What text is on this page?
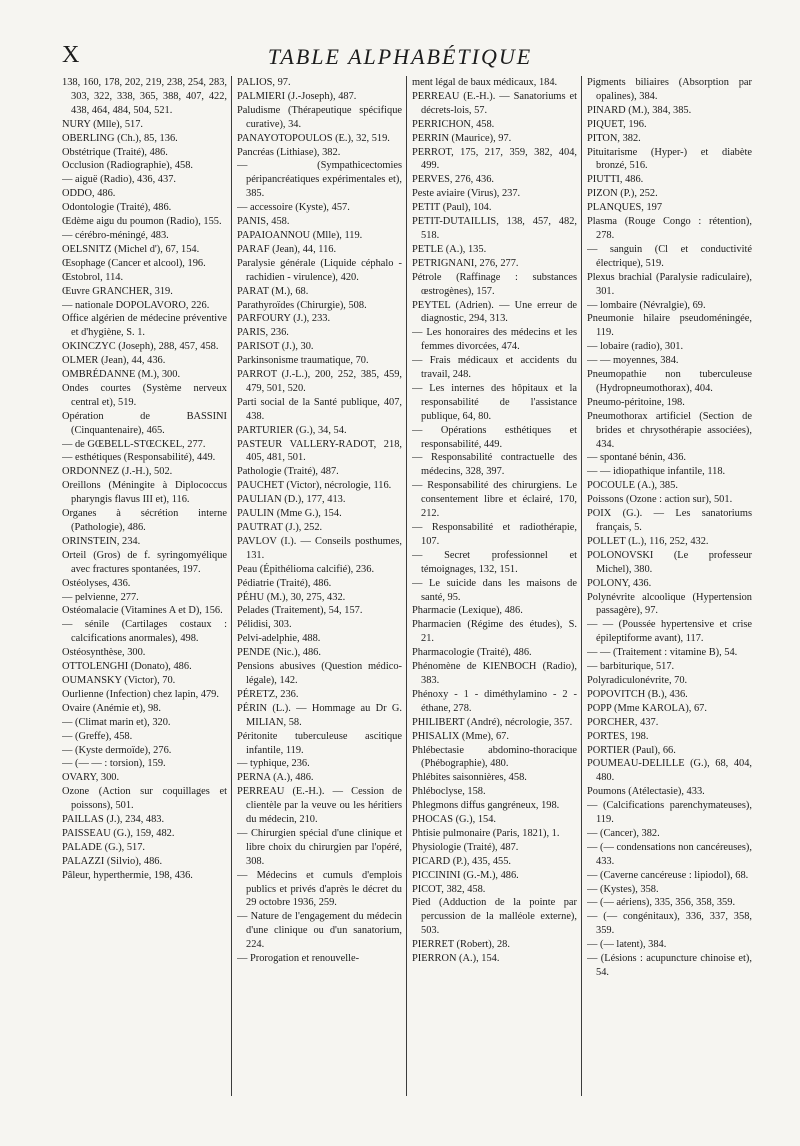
X	TABLE ALPHABÉTIQUE
138, 160, 178, 202, 219, 238, 254, 283, 303, 322, 338, 365, 388, 407, 422, 438, 464, 484, 504, 521.
NURY (Mlle), 517.
OBERLING (Ch.), 85, 136.
Obstétrique (Traité), 486.
Occlusion (Radiographie), 458.
— aiguë (Radio), 436, 437.
ODDO, 486.
Odontologie (Traité), 486.
Œdème aigu du poumon (Radio), 155.
— cérébro-méningé, 483.
OELSNITZ (Michel d'), 67, 154.
Œsophage (Cancer et alcool), 196.
Œstobrol, 114.
Œuvre GRANCHER, 319.
— nationale DOPOLAVORO, 226.
Office algérien de médecine préventive et d'hygiène, S. 1.
OKINCZYC (Joseph), 288, 457, 458.
OLMER (Jean), 44, 436.
OMBRÉDANNE (M.), 300.
Ondes courtes (Système nerveux central et), 519.
Opération de BASSINI (Cinquantenaire), 465.
— de GŒBELL-STŒCKEL, 277.
— esthétiques (Responsabilité), 449.
ORDONNEZ (J.-H.), 502.
Oreillons (Méningite à Diplococcus pharyngis flavus III et), 116.
Organes à sécrétion interne (Pathologie), 486.
ORINSTEIN, 234.
Orteil (Gros) de f. syringomyélique avec fractures spontanées, 197.
Ostéolyses, 436.
— pelvienne, 277.
Ostéomalacie (Vitamines A et D), 156.
— sénile (Cartilages costaux : calcifications anormales), 498.
Ostéosynthèse, 300.
OTTOLENGHI (Donato), 486.
OUMANSKY (Victor), 70.
Ourlienne (Infection) chez lapin, 479.
Ovaire (Anémie et), 98.
— (Climat marin et), 320.
— (Greffe), 458.
— (Kyste dermoïde), 276.
— (— — : torsion), 159.
OVARY, 300.
Ozone (Action sur coquillages et poissons), 501.
PAILLAS (J.), 234, 483.
PAISSEAU (G.), 159, 482.
PALADE (G.), 517.
PALAZZI (Silvio), 486.
Pâleur, hyperthermie, 198, 436.
PALIOS, 97.
PALMIERI (J.-Joseph), 487.
Paludisme (Thérapeutique spécifique curative), 34.
PANAYOTOPOULOS (E.), 32, 519.
Pancréas (Lithiase), 382.
— (Sympathicectomies péripancréatiques expérimentales et), 385.
— accessoire (Kyste), 457.
PANIS, 458.
PAPAIOANNOU (Mlle), 119.
PARAF (Jean), 44, 116.
Paralysie générale (Liquide céphalo - rachidien - virulence), 420.
PARAT (M.), 68.
Parathyroïdes (Chirurgie), 508.
PARFOURY (J.), 233.
PARIS, 236.
PARISOT (J.), 30.
Parkinsonisme traumatique, 70.
PARROT (J.-L.), 200, 252, 385, 459, 479, 501, 520.
Parti social de la Santé publique, 407, 438.
PARTURIER (G.), 34, 54.
PASTEUR VALLERY-RADOT, 218, 405, 481, 501.
Pathologie (Traité), 487.
PAUCHET (Victor), nécrologie, 116.
PAULIAN (D.), 177, 413.
PAULIN (Mme G.), 154.
PAUTRAT (J.), 252.
PAVLOV (I.). — Conseils posthumes, 131.
Peau (Épithélioma calcifié), 236.
Pédiatrie (Traité), 486.
PÉHU (M.), 30, 275, 432.
Pelades (Traitement), 54, 157.
Pélidisi, 303.
Pelvi-adelphie, 488.
PENDE (Nic.), 486.
Pensions abusives (Question médico-légale), 142.
PÉRETZ, 236.
PÉRIN (L.). — Hommage au Dr G. MILIAN, 58.
Péritonite tuberculeuse ascitique infantile, 119.
— typhique, 236.
PERNA (A.), 486.
PERREAU (E.-H.). — Cession de clientèle par la veuve ou les héritiers du médecin, 210.
— Chirurgien spécial d'une clinique et libre choix du chirurgien par l'opéré, 308.
— Médecins et cumuls d'emplois publics et privés d'après le décret du 29 octobre 1936, 259.
— Nature de l'engagement du médecin d'une clinique ou d'un sanatorium, 224.
— Prorogation et renouvelle-
ment légal de baux médicaux, 184.
PERREAU (E.-H.). — Sanatoriums et décrets-lois, 57.
PERRICHON, 458.
PERRIN (Maurice), 97.
PERROT, 175, 217, 359, 382, 404, 499.
PERVES, 276, 436.
Peste aviaire (Virus), 237.
PETIT (Paul), 104.
PETIT-DUTAILLIS, 138, 457, 482, 518.
PETLE (A.), 135.
PETRIGNANI, 276, 277.
Pétrole (Raffinage : substances œstrogènes), 157.
PEYTEL (Adrien). — Une erreur de diagnostic, 294, 313.
— Les honoraires des médecins et les femmes divorcées, 474.
— Frais médicaux et accidents du travail, 248.
— Les internes des hôpitaux et la responsabilité de l'assistance publique, 64, 80.
— Opérations esthétiques et responsabilité, 449.
— Responsabilité contractuelle des médecins, 328, 397.
— Responsabilité des chirurgiens. Le consentement libre et éclairé, 170, 212.
— Responsabilité et radiothérapie, 107.
— Secret professionnel et témoignages, 132, 151.
— Le suicide dans les maisons de santé, 95.
Pharmacie (Lexique), 486.
Pharmacien (Régime des études), S. 21.
Pharmacologie (Traité), 486.
Phénomène de KIENBOCH (Radio), 383.
Phénoxy - 1 - diméthylamino - 2 - éthane, 278.
PHILIBERT (André), nécrologie, 357.
PHISALIX (Mme), 67.
Phlébectasie abdomino-thoracique (Phébographie), 480.
Phlébites saisonnières, 458.
Phléboclyse, 158.
Phlegmons diffus gangréneux, 198.
PHOCAS (G.), 154.
Phtisie pulmonaire (Paris, 1821), 1.
Physiologie (Traité), 487.
PICARD (P.), 435, 455.
PICCININI (G.-M.), 486.
PICOT, 382, 458.
Pied (Adduction de la pointe par percussion de la malléole externe), 503.
PIERRET (Robert), 28.
PIERRON (A.), 154.
Pigments biliaires (Absorption par opalines), 384.
PINARD (M.), 384, 385.
PIQUET, 196.
PITON, 382.
Pituitarisme (Hyper-) et diabète bronzé, 516.
PIUTTI, 486.
PIZON (P.), 252.
PLANQUES, 197
Plasma (Rouge Congo : rétention), 278.
— sanguin (Cl et conductivité électrique), 519.
Plexus brachial (Paralysie radiculaire), 301.
— lombaire (Névralgie), 69.
Pneumonie hilaire pseudoméningée, 119.
— lobaire (radio), 301.
— — moyennes, 384.
Pneumopathie non tuberculeuse (Hydropneumothorax), 404.
Pneumo-péritoine, 198.
Pneumothorax artificiel (Section de brides et chrysothérapie associées), 434.
— spontané bénin, 436.
— — idiopathique infantile, 118.
POCOULE (A.), 385.
Poissons (Ozone : action sur), 501.
POIX (G.). — Les sanatoriums français, 5.
POLLET (L.), 116, 252, 432.
POLONOVSKI (Le professeur Michel), 380.
POLONY, 436.
Polynévrite alcoolique (Hypertension passagère), 97.
— — (Poussée hypertensive et crise épileptiforme avant), 117.
— — (Traitement : vitamine B), 54.
— barbiturique, 517.
Polyradiculonévrite, 70.
POPOVITCH (B.), 436.
POPP (Mme KAROLA), 67.
PORCHER, 437.
PORTES, 198.
PORTIER (Paul), 66.
POUMEAU-DELILLE (G.), 68, 404, 480.
Poumons (Atélectasie), 433.
— (Calcifications parenchymateuses), 119.
— (Cancer), 382.
— (— condensations non cancéreuses), 433.
— (Caverne cancéreuse : lipiodol), 68.
— (Kystes), 358.
— (— aériens), 335, 356, 358, 359.
— (— congénitaux), 336, 337, 358, 359.
— (— latent), 384.
— (Lésions : acupuncture chinoise et), 54.
